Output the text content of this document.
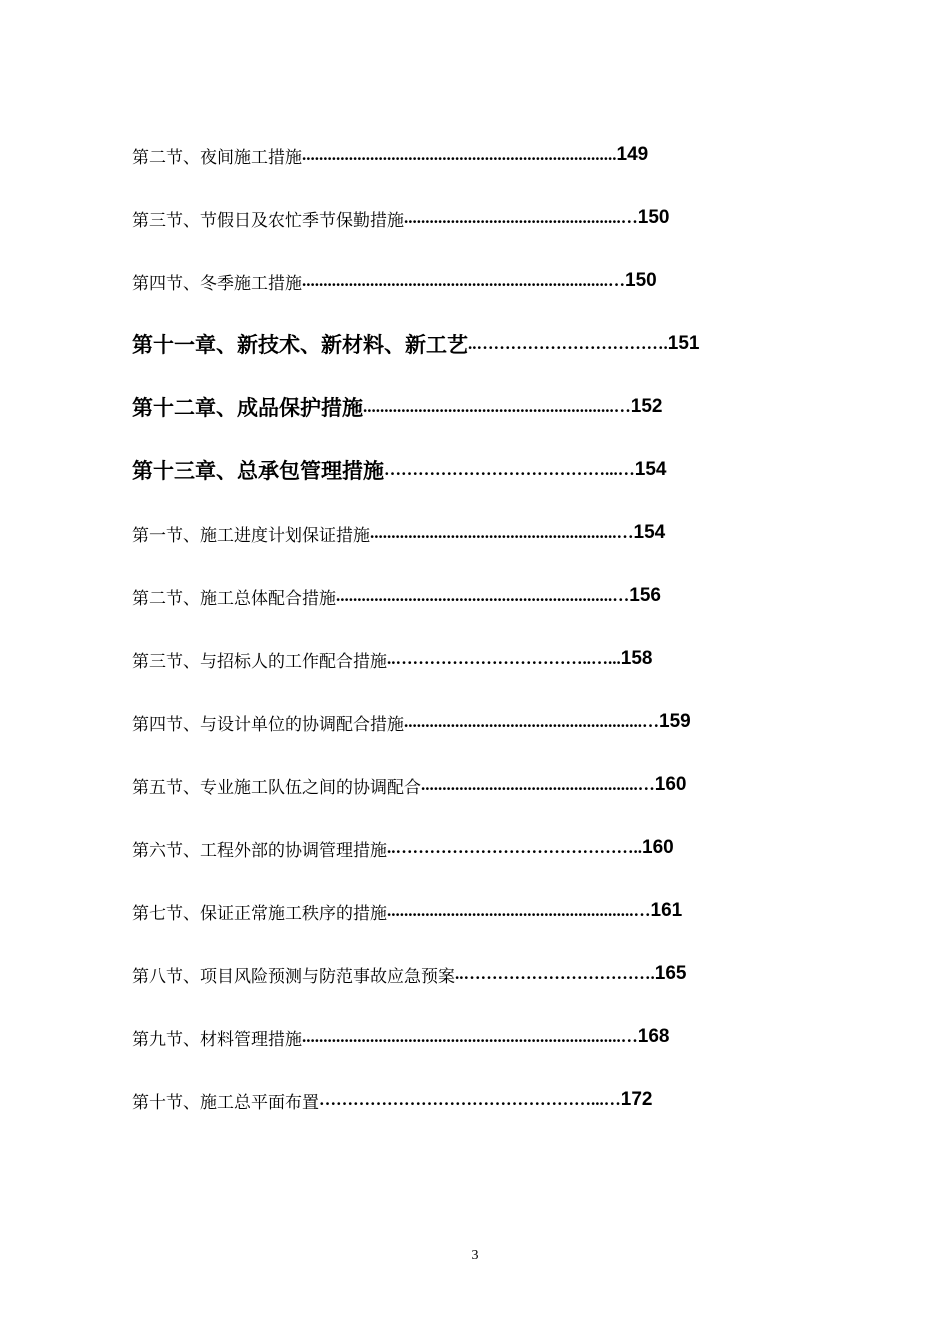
第二节、夜间施工措施 .......................................................................... 149
第三节、节假日及农忙季节保勤措施 ...................................................… 150
第四节、冬季施工措施 ........................................................................… 150
第十一章、新技术、新材料、新工艺 ..……………………………. 151
第十二章、成品保护措施 ...........................................................… 152
第十三章、总承包管理措施 …………………………………...… 154
第一节、施工进度计划保证措施 ..........................................................… 154
第二节、施工总体配合措施 .................................................................… 156
第三节、与招标人的工作配合措施 ..……………………………..…... 158
第四节、与设计单位的协调配合措施 ........................................................… 159
第五节、专业施工队伍之间的协调配合 ...................................................… 160
第六节、工程外部的协调管理措施 ..…………………………………….. 160
第七节、保证正常施工秩序的措施 ..........................................................… 161
第八节、项目风险预测与防范事故应急预案 ..……………………………. 165
第九节、材料管理措施 ...........................................................................… 168
第十节、施工总平面布置 …………………………………………...… 172
3
